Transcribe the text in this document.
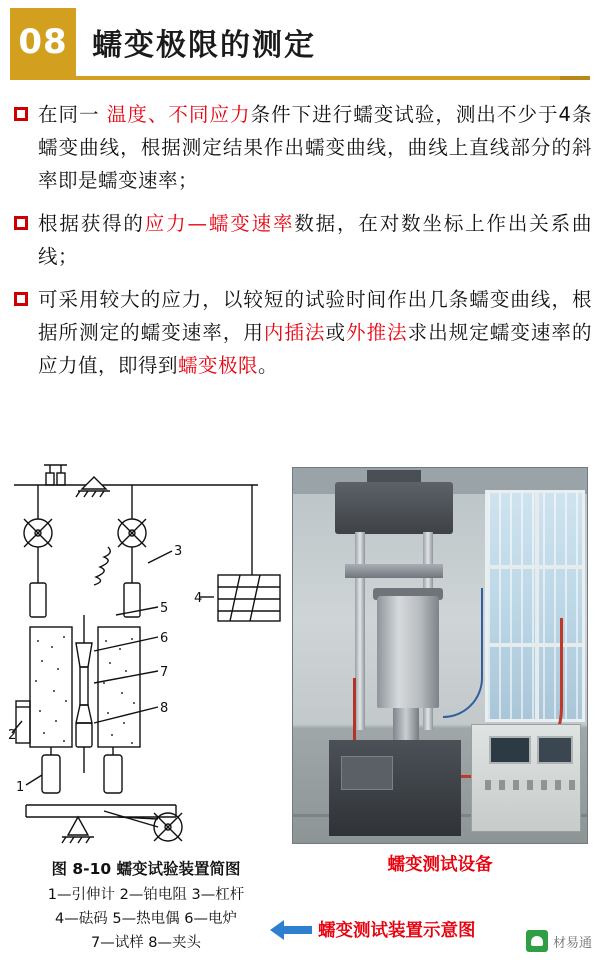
08 蠕变极限的测定
在同一 温度、不同应力条件下进行蠕变试验，测出不少于4条蠕变曲线，根据测定结果作出蠕变曲线，曲线上直线部分的斜率即是蠕变速率；
根据获得的应力—蠕变速率数据，在对数坐标上作出关系曲线；
可采用较大的应力，以较短的试验时间作出几条蠕变曲线，根据所测定的蠕变速率，用内插法或外推法求出规定蠕变速率的应力值，即得到蠕变极限。
3
4
5
6
7
8
2
1
图 8-10 蠕变试验装置简图
1—引伸计 2—铂电阻 3—杠杆
4—砝码 5—热电偶 6—电炉
7—试样 8—夹头
蠕变测试设备
蠕变测试装置示意图
材易通
